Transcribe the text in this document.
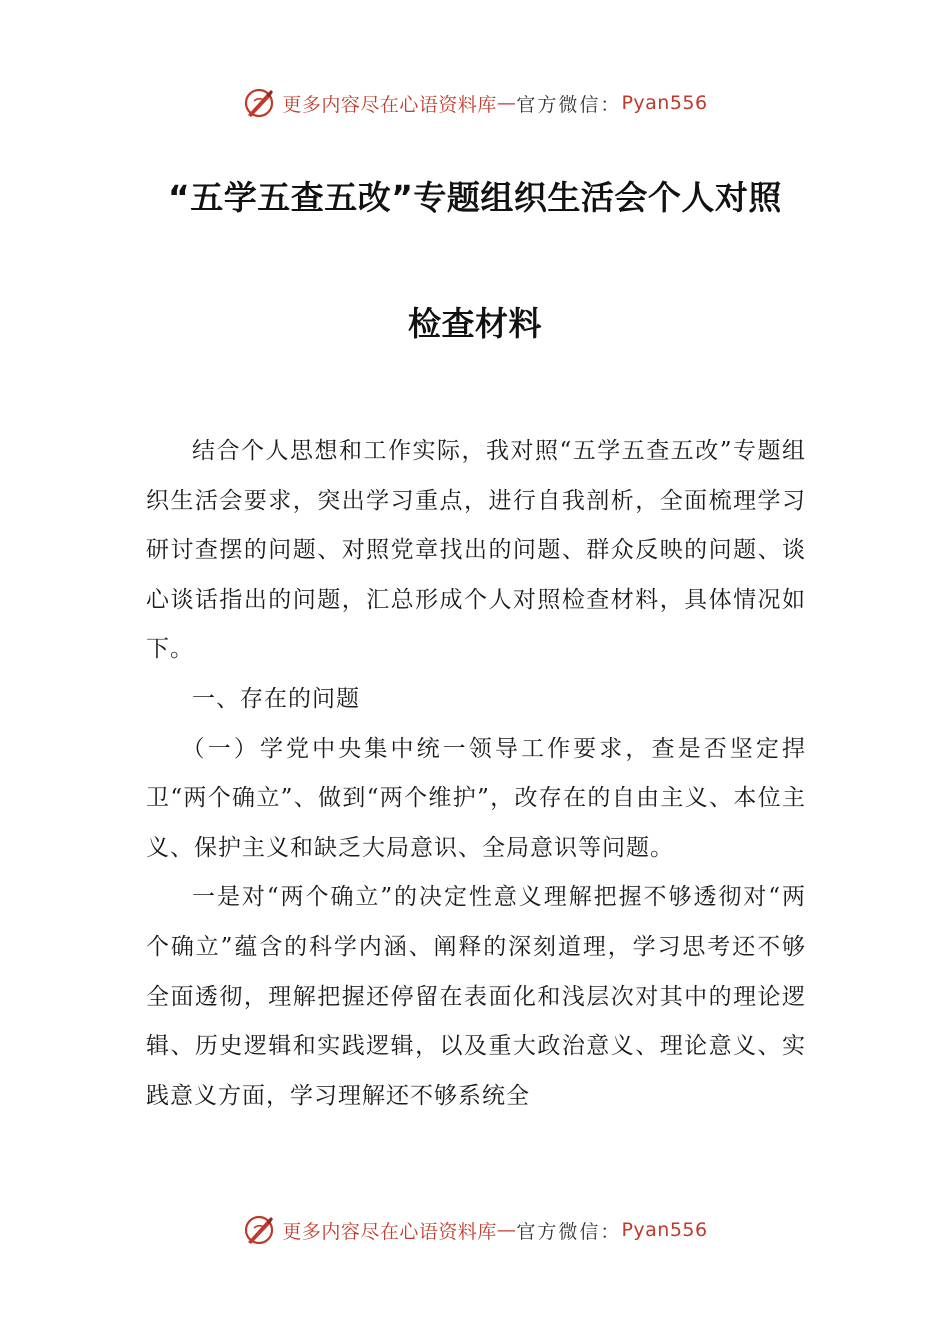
更多内容尽在心语资料库 — 官方微信： Pyan556
“五学五查五改”专题组织生活会个人对照
检查材料

结合个人思想和工作实际，我对照“五学五查五改”专题组织生活会要求，突出学习重点，进行自我剖析，全面梳理学习研讨查摆的问题、对照党章找出的问题、群众反映的问题、谈心谈话指出的问题，汇总形成个人对照检查材料，具体情况如下。

一、存在的问题

（一）学党中央集中统一领导工作要求，查是否坚定捍卫“两个确立”、做到“两个维护”，改存在的自由主义、本位主义、保护主义和缺乏大局意识、全局意识等问题。

一是对“两个确立”的决定性意义理解把握不够透彻对“两个确立”蕴含的科学内涵、阐释的深刻道理，学习思考还不够全面透彻，理解把握还停留在表面化和浅层次对其中的理论逻辑、历史逻辑和实践逻辑，以及重大政治意义、理论意义、实践意义方面，学习理解还不够系统全

更多内容尽在心语资料库 — 官方微信： Pyan556
